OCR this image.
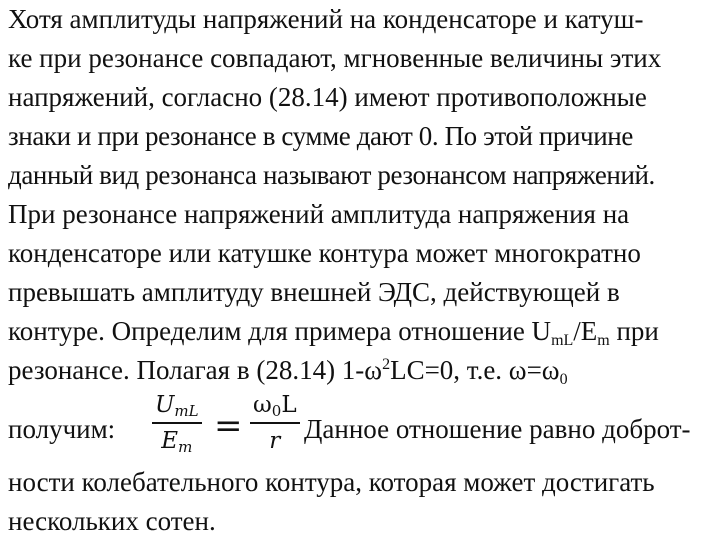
Хотя амплитуды напряжений на конденсаторе и катуш-
ке при резонансе совпадают, мгновенные величины этих
напряжений, согласно (28.14) имеют противоположные
знаки и при резонансе в сумме дают 0. По этой причине
данный вид резонанса называют резонансом напряжений.
При резонансе напряжений амплитуда напряжения на
конденсаторе или катушке контура может многократно
превышать амплитуду внешней ЭДС, действующей в
контуре. Определим для примера отношение $U_{mL}/E_m$ при
резонансе. Полагая в (28.14) $1-\omega^2LC=0$, т.е. $\omega=\omega_0$
получим:
UmL
Em
=
ω0L
r Данное отношение равно доброт-
ности колебательного контура, которая может достигать
нескольких сотен.
